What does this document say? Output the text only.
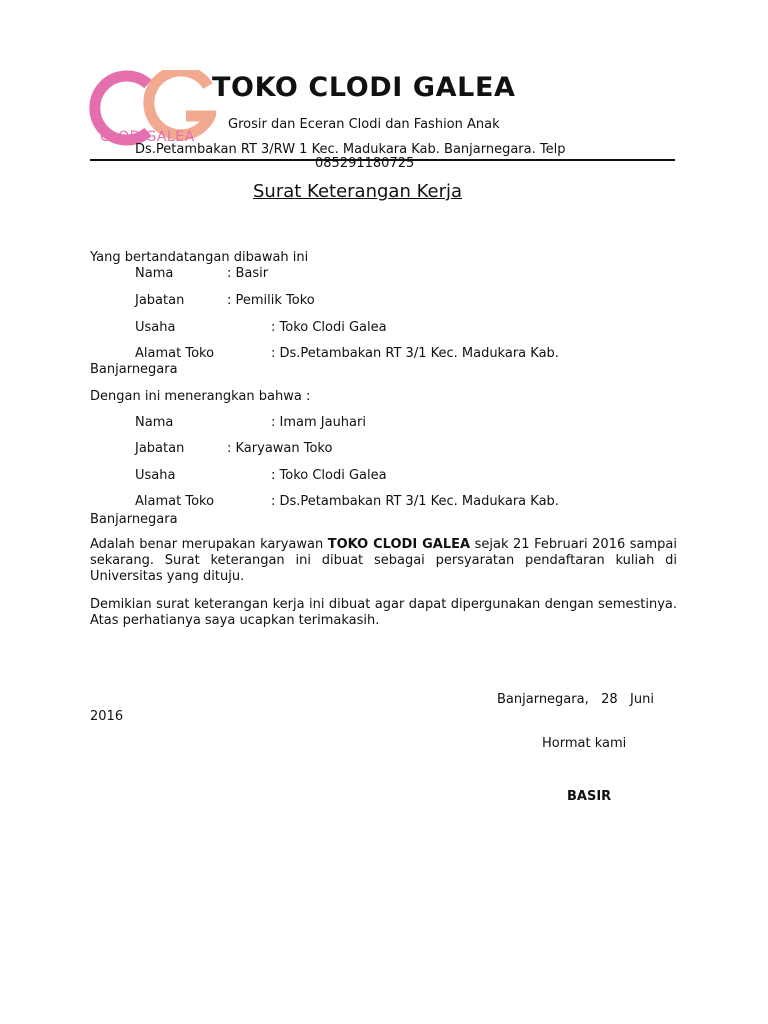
CLODIGALEA
TOKO CLODI GALEA
Grosir dan Eceran Clodi dan Fashion Anak
Ds.Petambakan RT 3/RW 1 Kec. Madukara Kab. Banjarnegara. Telp
085291180725
Surat Keterangan Kerja
Yang bertandatangan dibawah ini
Nama	: Basir
Jabatan	: Pemilik Toko
Usaha	: Toko Clodi Galea
Alamat Toko	: Ds.Petambakan RT 3/1 Kec. Madukara Kab.
Banjarnegara
Dengan ini menerangkan bahwa :
Nama	: Imam Jauhari
Jabatan	: Karyawan Toko
Usaha	: Toko Clodi Galea
Alamat Toko	: Ds.Petambakan RT 3/1 Kec. Madukara Kab.
Banjarnegara
Adalah benar merupakan karyawan TOKO CLODI GALEA sejak 21 Februari 2016 sampai sekarang. Surat keterangan ini dibuat sebagai persyaratan pendaftaran kuliah di Universitas yang dituju.
Demikian surat keterangan kerja ini dibuat agar dapat dipergunakan dengan semestinya. Atas perhatianya saya ucapkan terimakasih.
Banjarnegara,   28   Juni
2016
Hormat kami
BASIR
